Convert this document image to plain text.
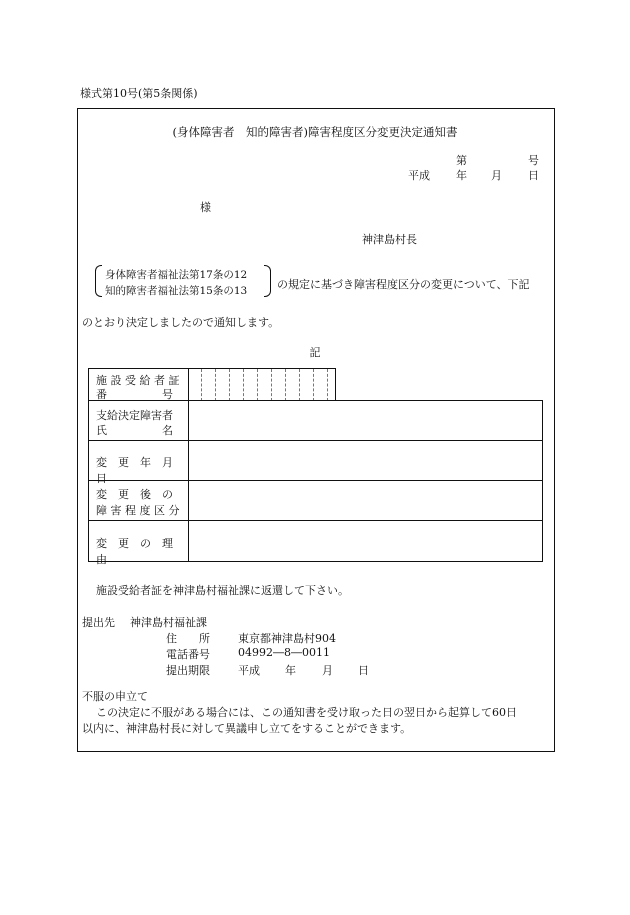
様式第10号(第5条関係)
(身体障害者　知的障害者)障害程度区分変更決定通知書
第	号
平成 年 月 日
様
神津島村長
身体障害者福祉法第17条の12
知的障害者福祉法第15条の13	の規定に基づき障害程度区分の変更について、下記
のとおり決定しましたので通知します。
記
施 設 受 給 者 証
番　　　　　号
支給決定障害者
氏　　　　　名
変　更　年　月　日
変　更　後　の
障 害 程 度 区 分
変　更　の　理　由
施設受給者証を神津島村福祉課に返還して下さい。
提出先 神津島村福祉課
住　　所	東京都神津島村904
電話番号	04992―8―0011
提出期限	平成 年 月 日
不服の申立て
この決定に不服がある場合には、この通知書を受け取った日の翌日から起算して60日
以内に、神津島村長に対して異議申し立てをすることができます。
